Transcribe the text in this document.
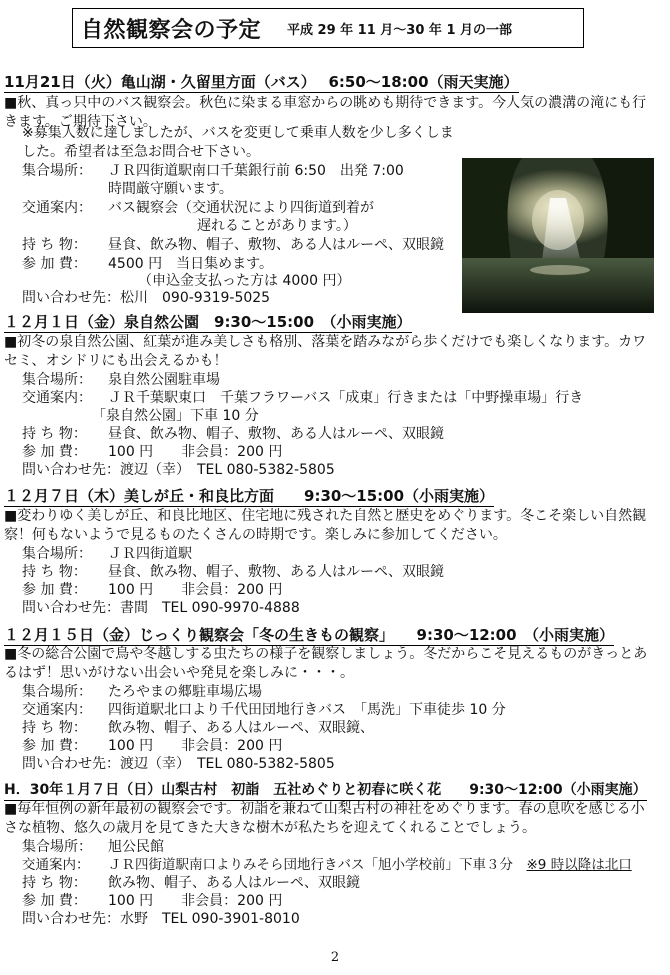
自然観察会の予定 平成 29 年 11 月〜30 年 1 月の一部
11月21日（火）亀山湖・久留里方面（バス）　 6:50〜18:00（雨天実施）
■秋、真っ只中のバス観察会。秋色に染まる車窓からの眺めも期待できます。今人気の濃溝の滝にも行きます。ご期待下さい。
※募集人数に達しましたが、バスを変更して乗車人数を少し多くしました。希望者は至急お問合せ下さい。
集合場所：	ＪＲ四街道駅南口千葉銀行前 6:50　出発 7:00
時間厳守願います。
交通案内：	バス観察会（交通状況により四街道到着が
遅れることがあります。）
持 ち 物：	昼食、飲み物、帽子、敷物、ある人はルーペ、双眼鏡
参 加 費：	4500 円　当日集めます。
（申込金支払った方は 4000 円）
問い合わせ先： 松川　090-9319-5025
１２月１日（金）泉自然公園　9:30〜15:00　（小雨実施）
■初冬の泉自然公園、紅葉が進み美しさも格別、落葉を踏みながら歩くだけでも楽しくなります。カワセミ、オシドリにも出会えるかも！
集合場所：	泉自然公園駐車場
交通案内：	ＪＲ千葉駅東口　千葉フラワーバス「成東」行きまたは「中野操車場」行き
「泉自然公園」下車 10 分
持 ち 物：	昼食、飲み物、帽子、敷物、ある人はルーペ、双眼鏡
参 加 費：	100 円 非会員：200 円
問い合わせ先： 渡辺（幸）　TEL 080-5382-5805
１２月７日（木）美しが丘・和良比方面　　9:30〜15:00（小雨実施）
■変わりゆく美しが丘、和良比地区、住宅地に残された自然と歴史をめぐります。冬こそ楽しい自然観察！何もないようで見るものたくさんの時期です。楽しみに参加してください。
集合場所：	ＪＲ四街道駅
持 ち 物：	昼食、飲み物、帽子、敷物、ある人はルーペ、双眼鏡
参 加 費：	100 円 非会員：200 円
問い合わせ先： 書間　TEL 090-9970-4888
１２月１５日（金）じっくり観察会「冬の生きもの観察」　　9:30〜12:00　（小雨実施）
■冬の総合公園で鳥や冬越しする虫たちの様子を観察しましょう。冬だからこそ見えるものがきっとあるはず！思いがけない出会いや発見を楽しみに・・・。
集合場所：	たろやまの郷駐車場広場
交通案内：	四街道駅北口より千代田団地行きバス　「馬洗」下車徒歩 10 分
持 ち 物：	飲み物、帽子、ある人はルーペ、双眼鏡、
参 加 費：	100 円 非会員：200 円
問い合わせ先： 渡辺（幸）　TEL 080-5382-5805
H．30年１月７日（日）山梨古村　初詣　五社めぐりと初春に咲く花　　9:30〜12:00（小雨実施）
■毎年恒例の新年最初の観察会です。初詣を兼ねて山梨古村の神社をめぐります。春の息吹を感じる小さな植物、悠久の歳月を見てきた大きな樹木が私たちを迎えてくれることでしょう。
集合場所：	旭公民館
交通案内：	ＪＲ四街道駅南口よりみそら団地行きバス「旭小学校前」下車３分　 ※9 時以降は北口
持 ち 物：	飲み物、帽子、ある人はルーペ、双眼鏡
参 加 費：	100 円 非会員：200 円
問い合わせ先： 水野　TEL 090-3901-8010
2
